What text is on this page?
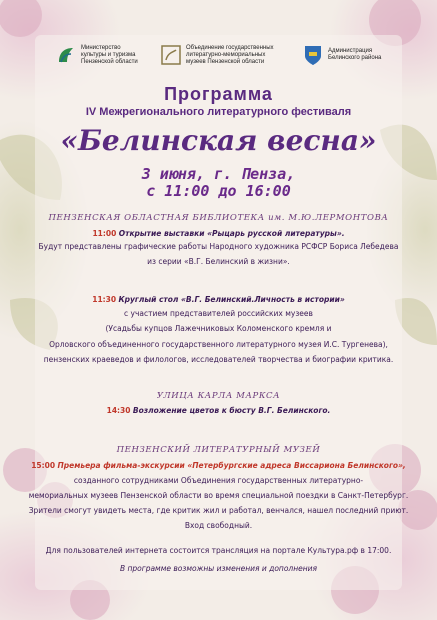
Министерство
культуры и туризма
Пензенской области
Объединение государственных
литературно-мемориальных
музеев Пензенской области
Администрация
Белинского района
Программа
IV Межрегионального литературного фестиваля
«Белинская весна»
3 июня, г. Пенза,
с 11:00 до 16:00
ПЕНЗЕНСКАЯ ОБЛАСТНАЯ БИБЛИОТЕКА им. М.Ю.ЛЕРМОНТОВА
11:00 Открытие выставки «Рыцарь русской литературы».
Будут представлены графические работы Народного художника РСФСР Бориса Лебедева
из серии «В.Г. Белинский в жизни».
11:30 Круглый стол «В.Г. Белинский.Личность в истории»
с участием представителей российских музеев
(Усадьбы купцов Лажечниковых Коломенского кремля и
Орловского объединенного государственного литературного музея И.С. Тургенева),
пензенских краеведов и филологов, исследователей творчества и биографии критика.
УЛИЦА КАРЛА МАРКСА
14:30 Возложение цветов к бюсту В.Г. Белинского.
ПЕНЗЕНСКИЙ ЛИТЕРАТУРНЫЙ МУЗЕЙ
15:00 Премьера фильма-экскурсии «Петербургские адреса Виссариона Белинского»,
созданного сотрудниками Объединения государственных литературно-
мемориальных музеев Пензенской области во время специальной поездки в Санкт-Петербург.
Зрители смогут увидеть места, где критик жил и работал, венчался, нашел последний приют.
Вход свободный.
Для пользователей интернета состоится трансляция на портале Культура.рф в 17:00.
В программе возможны изменения и дополнения
